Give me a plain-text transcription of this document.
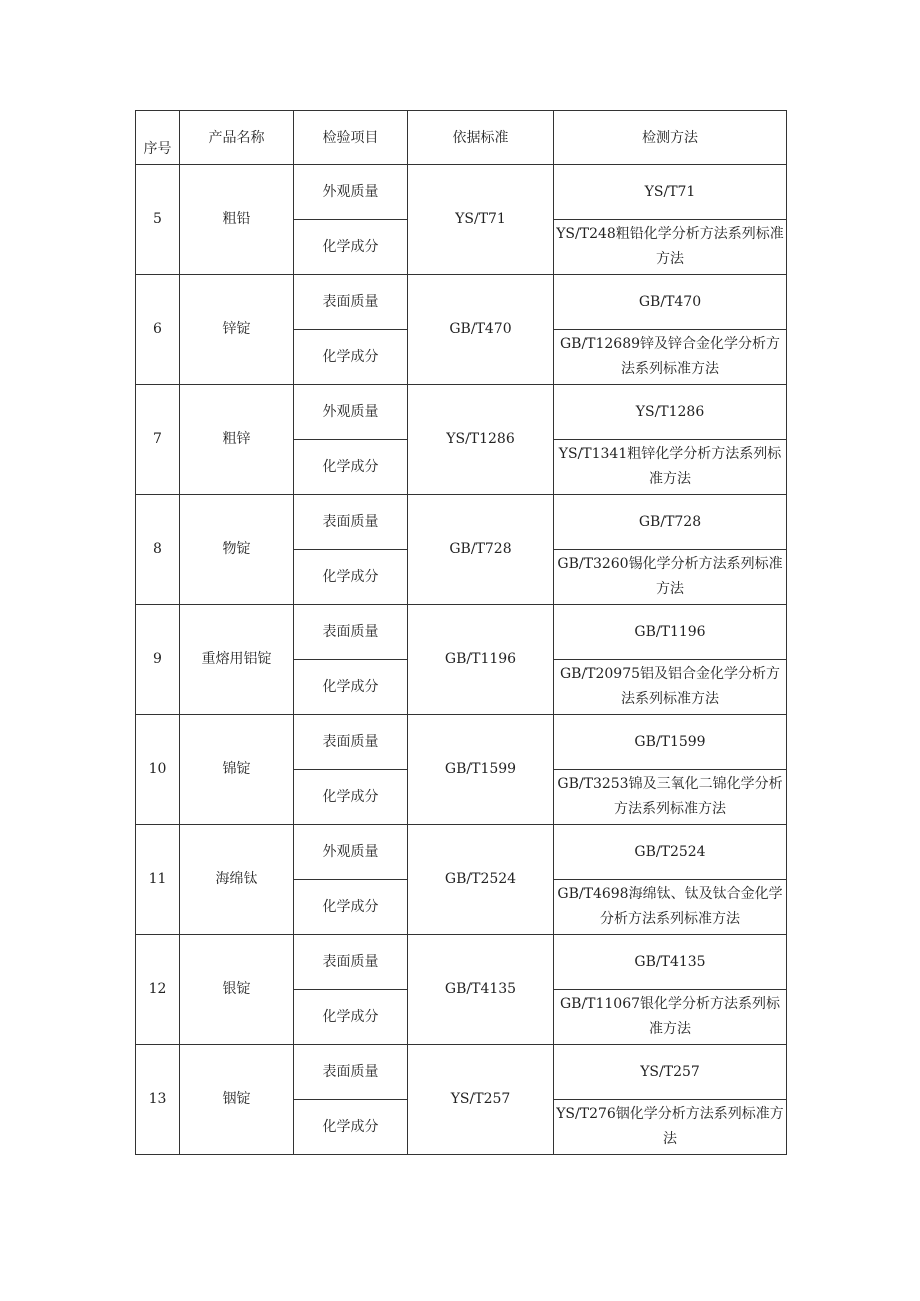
序号	产品名称	检验项目	依据标准	检测方法
5	粗铅	外观质量	YS/T71	YS/T71
		化学成分		YS/T248粗铅化学分析方法系列标准方法
6	锌锭	表面质量	GB/T470	GB/T470
		化学成分		GB/T12689锌及锌合金化学分析方法系列标准方法
7	粗锌	外观质量	YS/T1286	YS/T1286
		化学成分		YS/T1341粗锌化学分析方法系列标准方法
8	物锭	表面质量	GB/T728	GB/T728
		化学成分		GB/T3260锡化学分析方法系列标准方法
9	重熔用铝锭	表面质量	GB/T1196	GB/T1196
		化学成分		GB/T20975铝及铝合金化学分析方法系列标准方法
10	锦锭	表面质量	GB/T1599	GB/T1599
		化学成分		GB/T3253锦及三氧化二锦化学分析方法系列标准方法
11	海绵钛	外观质量	GB/T2524	GB/T2524
		化学成分		GB/T4698海绵钛、钛及钛合金化学分析方法系列标准方法
12	银锭	表面质量	GB/T4135	GB/T4135
		化学成分		GB/T11067银化学分析方法系列标准方法
13	铟锭	表面质量	YS/T257	YS/T257
		化学成分		YS/T276铟化学分析方法系列标准方法
